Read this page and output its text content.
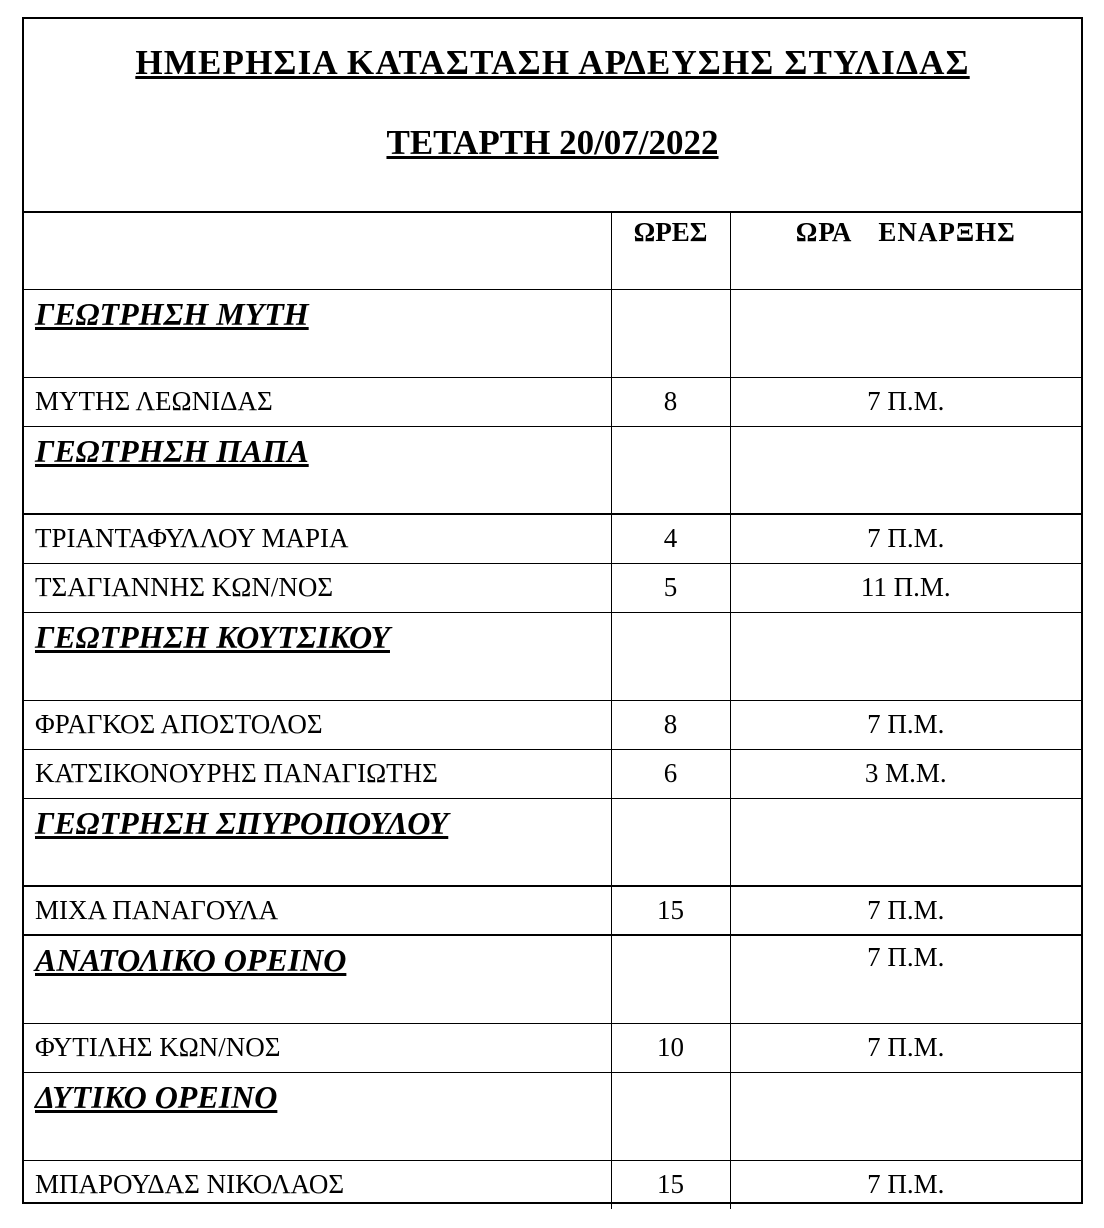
ΗΜΕΡΗΣΙΑ ΚΑΤΑΣΤΑΣΗ ΑΡΔΕΥΣΗΣ ΣΤΥΛΙΔΑΣ
ΤΕΤΑΡΤΗ 20/07/2022
	ΩΡΕΣ	ΩΡΑ  ΕΝΑΡΞΗΣ
ΓΕΩΤΡΗΣΗ ΜΥΤΗ		
ΜΥΤΗΣ ΛΕΩΝΙΔΑΣ	8	7 Π.Μ.
ΓΕΩΤΡΗΣΗ ΠΑΠΑ		
ΤΡΙΑΝΤΑΦΥΛΛΟΥ ΜΑΡΙΑ	4	7 Π.Μ.
ΤΣΑΓΙΑΝΝΗΣ ΚΩΝ/ΝΟΣ	5	11 Π.Μ.
ΓΕΩΤΡΗΣΗ ΚΟΥΤΣΙΚΟΥ		
ΦΡΑΓΚΟΣ ΑΠΟΣΤΟΛΟΣ	8	7 Π.Μ.
ΚΑΤΣΙΚΟΝΟΥΡΗΣ ΠΑΝΑΓΙΩΤΗΣ	6	3 Μ.Μ.
ΓΕΩΤΡΗΣΗ ΣΠΥΡΟΠΟΥΛΟΥ		
ΜΙΧΑ ΠΑΝΑΓΟΥΛΑ	15	7 Π.Μ.
ΑΝΑΤΟΛΙΚΟ ΟΡΕΙΝΟ		7 Π.Μ.
ΦΥΤΙΛΗΣ ΚΩΝ/ΝΟΣ	10	7 Π.Μ.
ΔΥΤΙΚΟ ΟΡΕΙΝΟ		
ΜΠΑΡΟΥΔΑΣ ΝΙΚΟΛΑΟΣ	15	7 Π.Μ.
